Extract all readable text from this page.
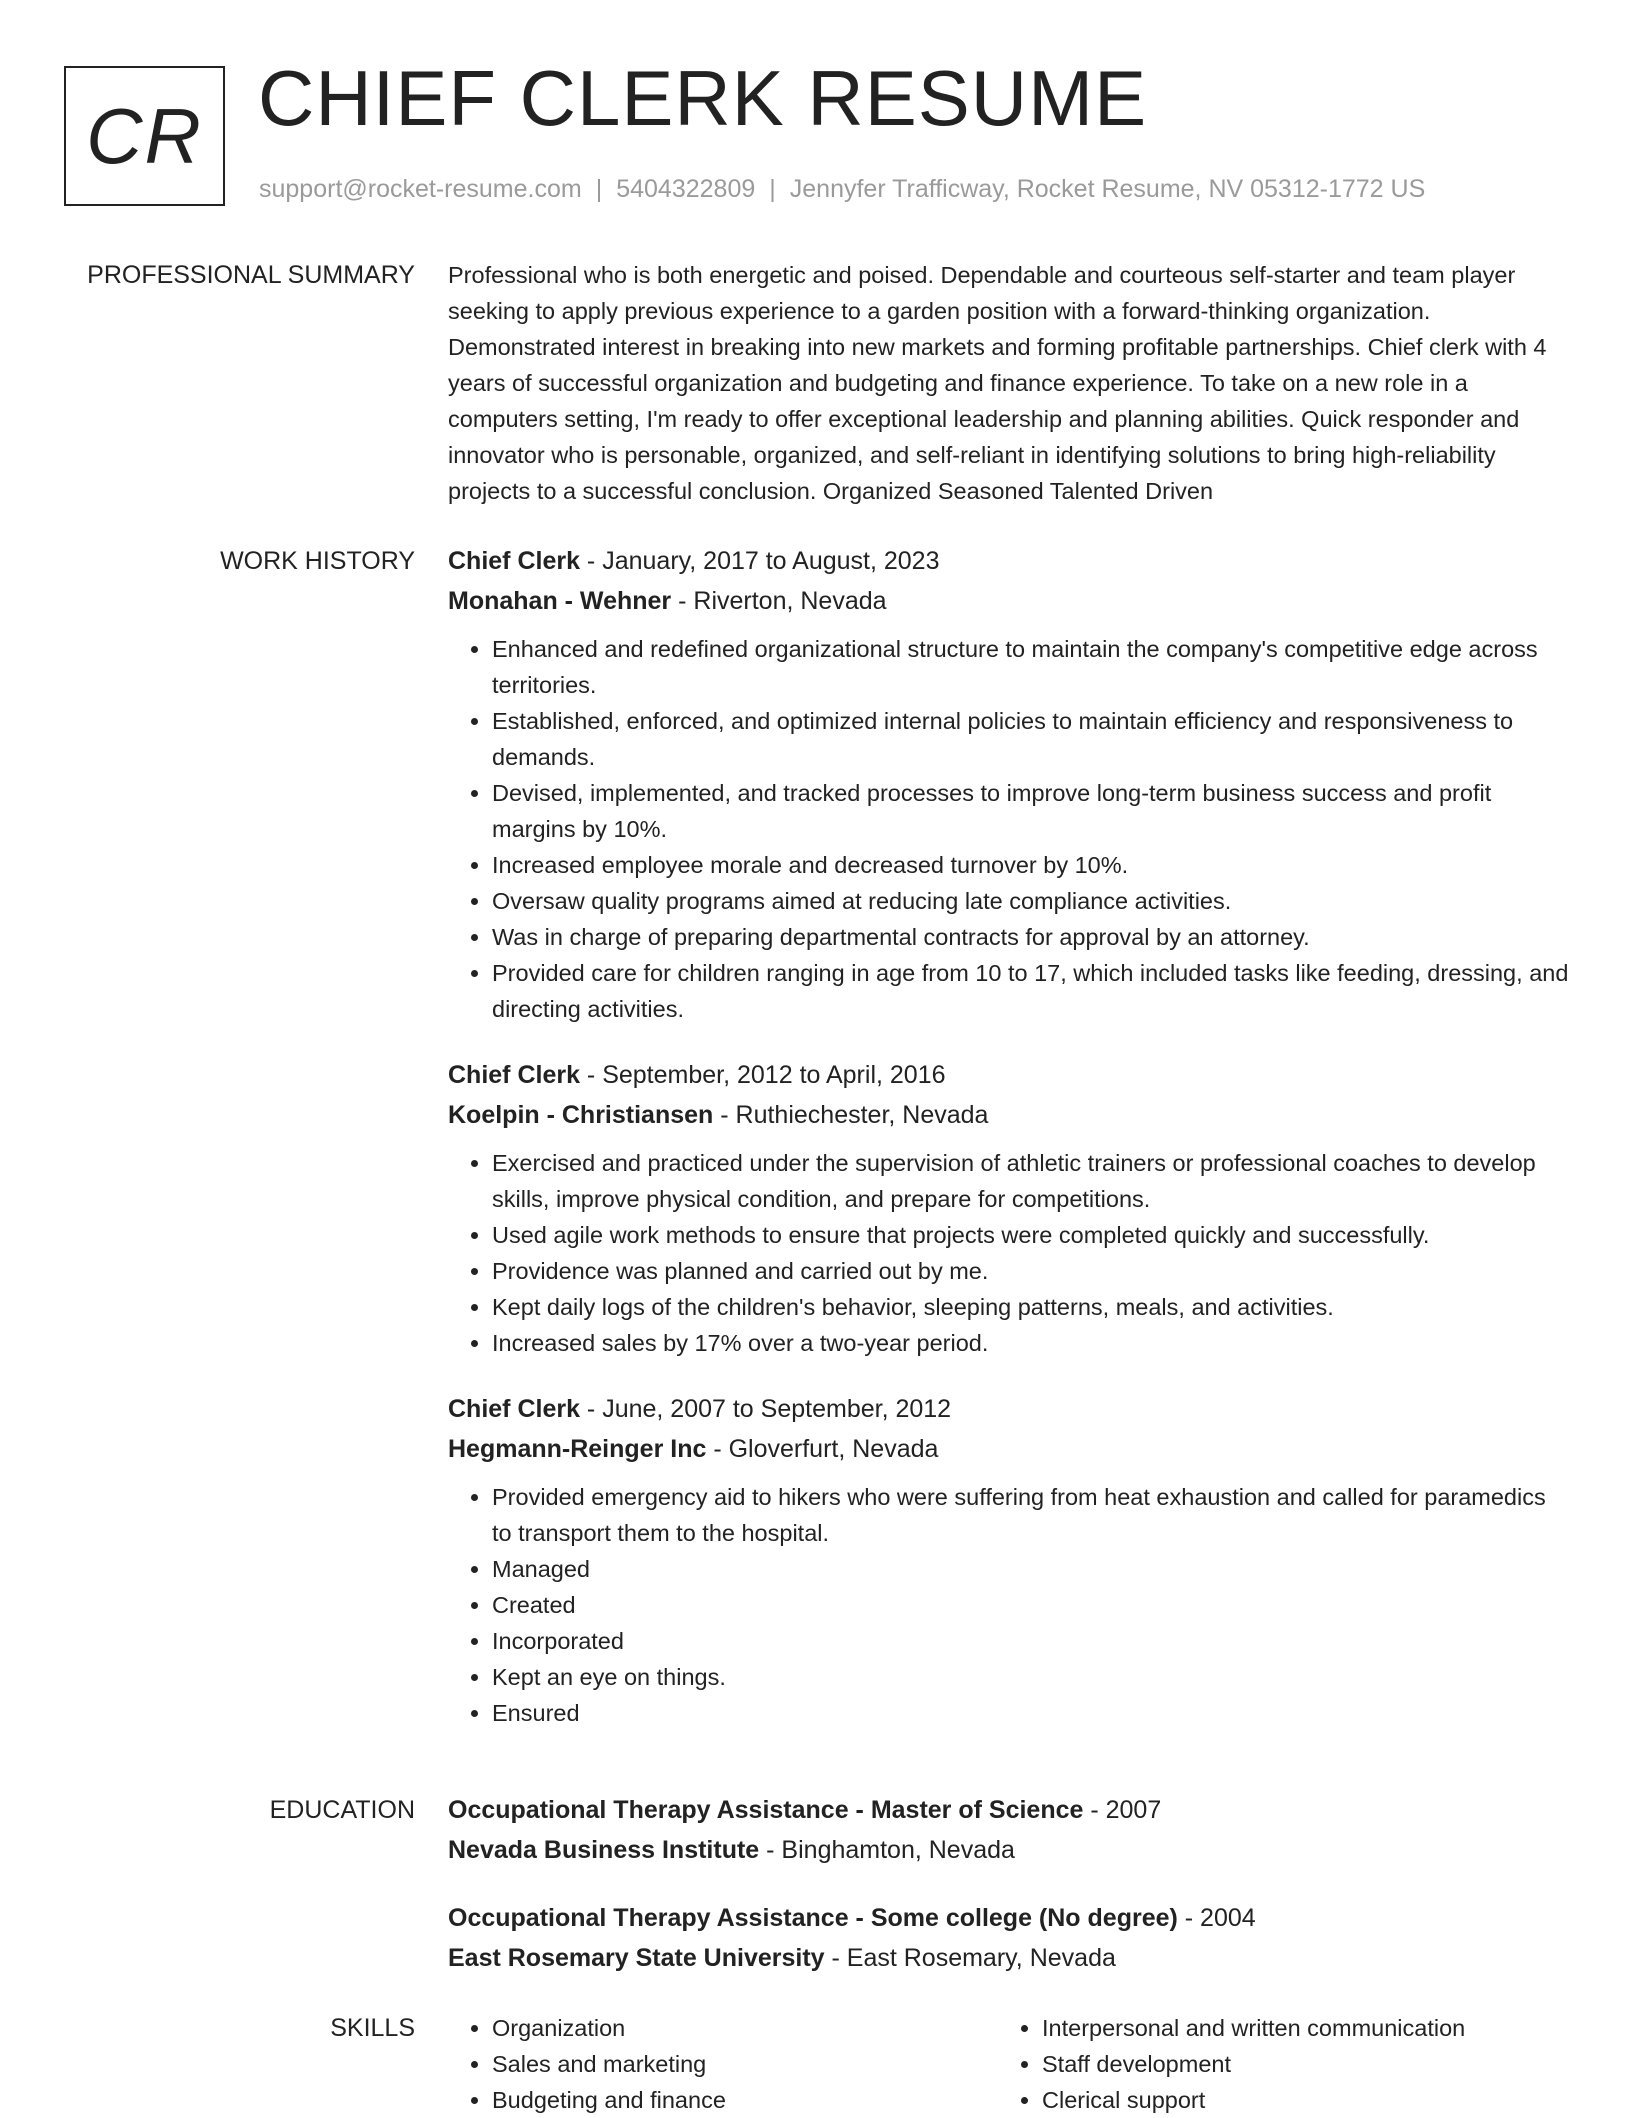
CR CHIEF CLERK RESUME
support@rocket-resume.com | 5404322809 | Jennyfer Trafficway, Rocket Resume, NV 05312-1772 US
PROFESSIONAL SUMMARY Professional who is both energetic and poised. Dependable and courteous self-starter and team player seeking to apply previous experience to a garden position with a forward-thinking organization. Demonstrated interest in breaking into new markets and forming profitable partnerships. Chief clerk with 4 years of successful organization and budgeting and finance experience. To take on a new role in a computers setting, I'm ready to offer exceptional leadership and planning abilities. Quick responder and innovator who is personable, organized, and self-reliant in identifying solutions to bring high-reliability projects to a successful conclusion. Organized Seasoned Talented Driven

WORK HISTORY Chief Clerk - January, 2017 to August, 2023
Monahan - Wehner - Riverton, Nevada
• Enhanced and redefined organizational structure to maintain the company's competitive edge across territories.
• Established, enforced, and optimized internal policies to maintain efficiency and responsiveness to demands.
• Devised, implemented, and tracked processes to improve long-term business success and profit margins by 10%.
• Increased employee morale and decreased turnover by 10%.
• Oversaw quality programs aimed at reducing late compliance activities.
• Was in charge of preparing departmental contracts for approval by an attorney.
• Provided care for children ranging in age from 10 to 17, which included tasks like feeding, dressing, and directing activities.
Chief Clerk - September, 2012 to April, 2016
Koelpin - Christiansen - Ruthiechester, Nevada
• Exercised and practiced under the supervision of athletic trainers or professional coaches to develop skills, improve physical condition, and prepare for competitions.
• Used agile work methods to ensure that projects were completed quickly and successfully.
• Providence was planned and carried out by me.
• Kept daily logs of the children's behavior, sleeping patterns, meals, and activities.
• Increased sales by 17% over a two-year period.
Chief Clerk - June, 2007 to September, 2012
Hegmann-Reinger Inc - Gloverfurt, Nevada
• Provided emergency aid to hikers who were suffering from heat exhaustion and called for paramedics to transport them to the hospital.
• Managed
• Created
• Incorporated
• Kept an eye on things.
• Ensured
EDUCATION Occupational Therapy Assistance - Master of Science - 2007
Nevada Business Institute - Binghamton, Nevada
Occupational Therapy Assistance - Some college (No degree) - 2004
East Rosemary State University - East Rosemary, Nevada
SKILLS
•	Organization
• Sales and marketing
• Budgeting and finance
• Interpersonal and written communication
• Staff development
• Clerical support
